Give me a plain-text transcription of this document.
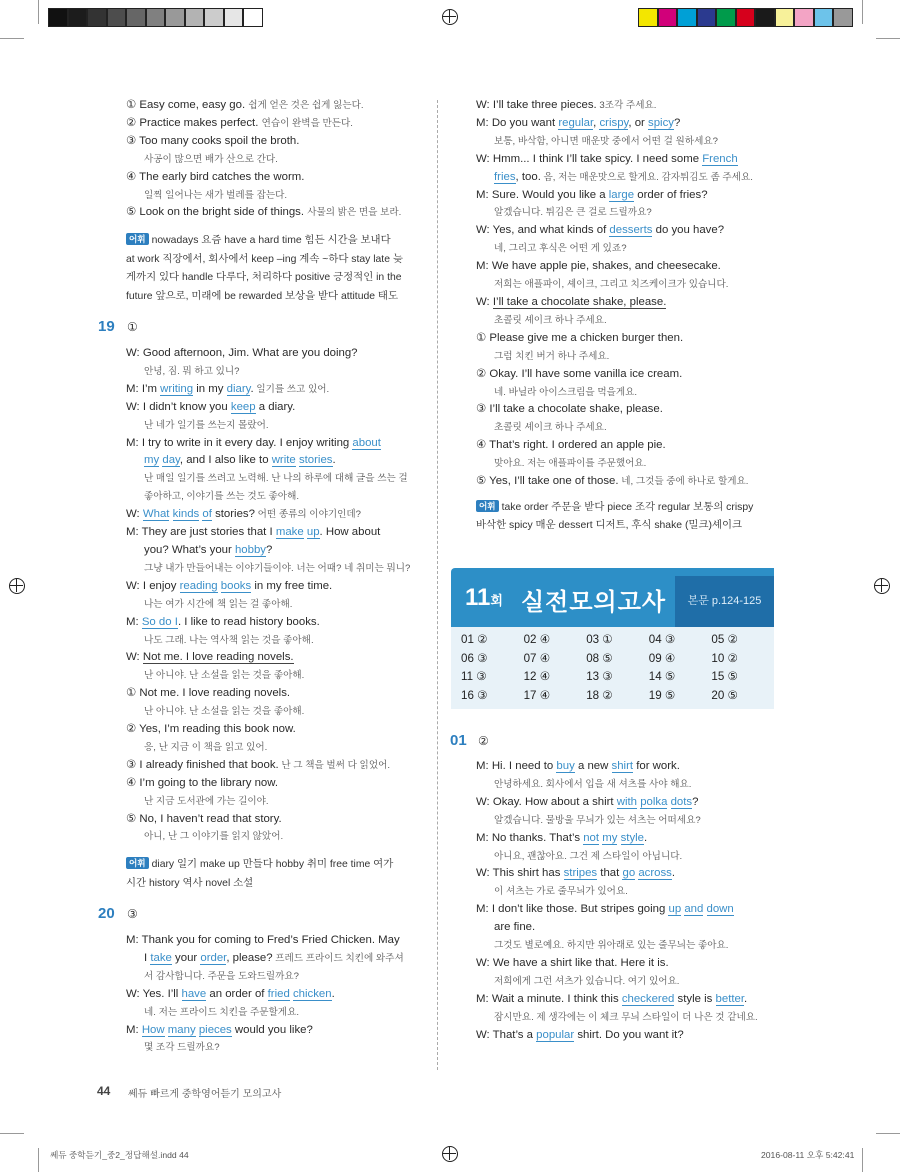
① Easy come, easy go. 쉽게 얻은 것은 쉽게 잃는다.
② Practice makes perfect. 연습이 완벽을 만든다.
③ Too many cooks spoil the broth.
사공이 많으면 배가 산으로 간다.
④ The early bird catches the worm.
일찍 일어나는 새가 벌레를 잡는다.
⑤ Look on the bright side of things. 사물의 밝은 면을 보라.
어휘 nowadays 요즘 have a hard time 힘든 시간을 보내다
at work 직장에서, 회사에서 keep –ing 계속 ~하다 stay late 늦
게까지 있다 handle 다루다, 처리하다 positive 긍정적인 in the
future 앞으로, 미래에 be rewarded 보상을 받다 attitude 태도
19 ①
W: Good afternoon, Jim. What are you doing?
안녕, 짐. 뭐 하고 있니?
M: I’m writing in my diary. 일기를 쓰고 있어.
W: I didn’t know you keep a diary.
난 네가 일기를 쓰는지 몰랐어.
M: I try to write in it every day. I enjoy writing about
my day, and I also like to write stories.
난 매일 일기를 쓰려고 노력해. 난 나의 하루에 대해 글을 쓰는 걸
좋아하고, 이야기를 쓰는 것도 좋아해.
W: What kinds of stories? 어떤 종류의 이야기인데?
M: They are just stories that I make up. How about
you? What’s your hobby?
그냥 내가 만들어내는 이야기들이야. 너는 어때? 네 취미는 뭐니?
W: I enjoy reading books in my free time.
나는 여가 시간에 책 읽는 걸 좋아해.
M: So do I. I like to read history books.
나도 그래. 나는 역사책 읽는 것을 좋아해.
W: Not me. I love reading novels.
난 아니야. 난 소설을 읽는 것을 좋아해.
① Not me. I love reading novels.
난 아니야. 난 소설을 읽는 것을 좋아해.
② Yes, I’m reading this book now.
응, 난 지금 이 책을 읽고 있어.
③ I already finished that book. 난 그 책을 벌써 다 읽었어.
④ I’m going to the library now.
난 지금 도서관에 가는 길이야.
⑤ No, I haven’t read that story.
아니, 난 그 이야기를 읽지 않았어.
어휘 diary 일기 make up 만들다 hobby 취미 free time 여가
시간 history 역사 novel 소설
20 ③
M: Thank you for coming to Fred’s Fried Chicken. May
I take your order, please? 프레드 프라이드 치킨에 와주셔
서 감사합니다. 주문을 도와드릴까요?
W: Yes. I’ll have an order of fried chicken.
네. 저는 프라이드 치킨을 주문할게요.
M: How many pieces would you like?
몇 조각 드릴까요?
W: I’ll take three pieces. 3조각 주세요.
M: Do you want regular, crispy, or spicy?
보통, 바삭함, 아니면 매운맛 중에서 어떤 걸 원하세요?
W: Hmm... I think I’ll take spicy. I need some French
fries, too. 음, 저는 매운맛으로 할게요. 감자튀김도 좀 주세요.
M: Sure. Would you like a large order of fries?
알겠습니다. 튀김은 큰 걸로 드릴까요?
W: Yes, and what kinds of desserts do you have?
네, 그리고 후식은 어떤 게 있죠?
M: We have apple pie, shakes, and cheesecake.
저희는 애플파이, 셰이크, 그리고 치즈케이크가 있습니다.
W: I’ll take a chocolate shake, please.
초콜릿 셰이크 하나 주세요.
① Please give me a chicken burger then.
그럼 치킨 버거 하나 주세요.
② Okay. I’ll have some vanilla ice cream.
네. 바닐라 아이스크림을 먹을게요.
③ I’ll take a chocolate shake, please.
초콜릿 셰이크 하나 주세요.
④ That’s right. I ordered an apple pie.
맞아요. 저는 애플파이를 주문했어요.
⑤ Yes, I’ll take one of those. 네, 그것들 중에 하나로 할게요.
어휘 take order 주문을 받다 piece 조각 regular 보통의 crispy
바삭한 spicy 매운 dessert 디저트, 후식 shake (밀크)셰이크
11회 실전모의고사	본문 p.124-125
01 ②	02 ④	03 ①	04 ③	05 ②
06 ③	07 ④	08 ⑤	09 ④	10 ②
11 ③	12 ④	13 ③	14 ⑤	15 ⑤
16 ③	17 ④	18 ②	19 ⑤	20 ⑤
01 ②
M: Hi. I need to buy a new shirt for work.
안녕하세요. 회사에서 입을 새 셔츠를 사야 해요.
W: Okay. How about a shirt with polka dots?
알겠습니다. 물방울 무늬가 있는 셔츠는 어떠세요?
M: No thanks. That’s not my style.
아니요, 괜찮아요. 그건 제 스타일이 아닙니다.
W: This shirt has stripes that go across.
이 셔츠는 가로 줄무늬가 있어요.
M: I don’t like those. But stripes going up and down
are fine.
그것도 별로예요. 하지만 위아래로 있는 줄무늬는 좋아요.
W: We have a shirt like that. Here it is.
저희에게 그런 셔츠가 있습니다. 여기 있어요.
M: Wait a minute. I think this checkered style is better.
잠시만요. 제 생각에는 이 체크 무늬 스타일이 더 나은 것 같네요.
W: That’s a popular shirt. Do you want it?
44 쎄듀 빠르게 중학영어듣기 모의고사
쎄듀 중학듣기_중2_정답해설.indd 44	2016-08-11 오후 5:42:41
